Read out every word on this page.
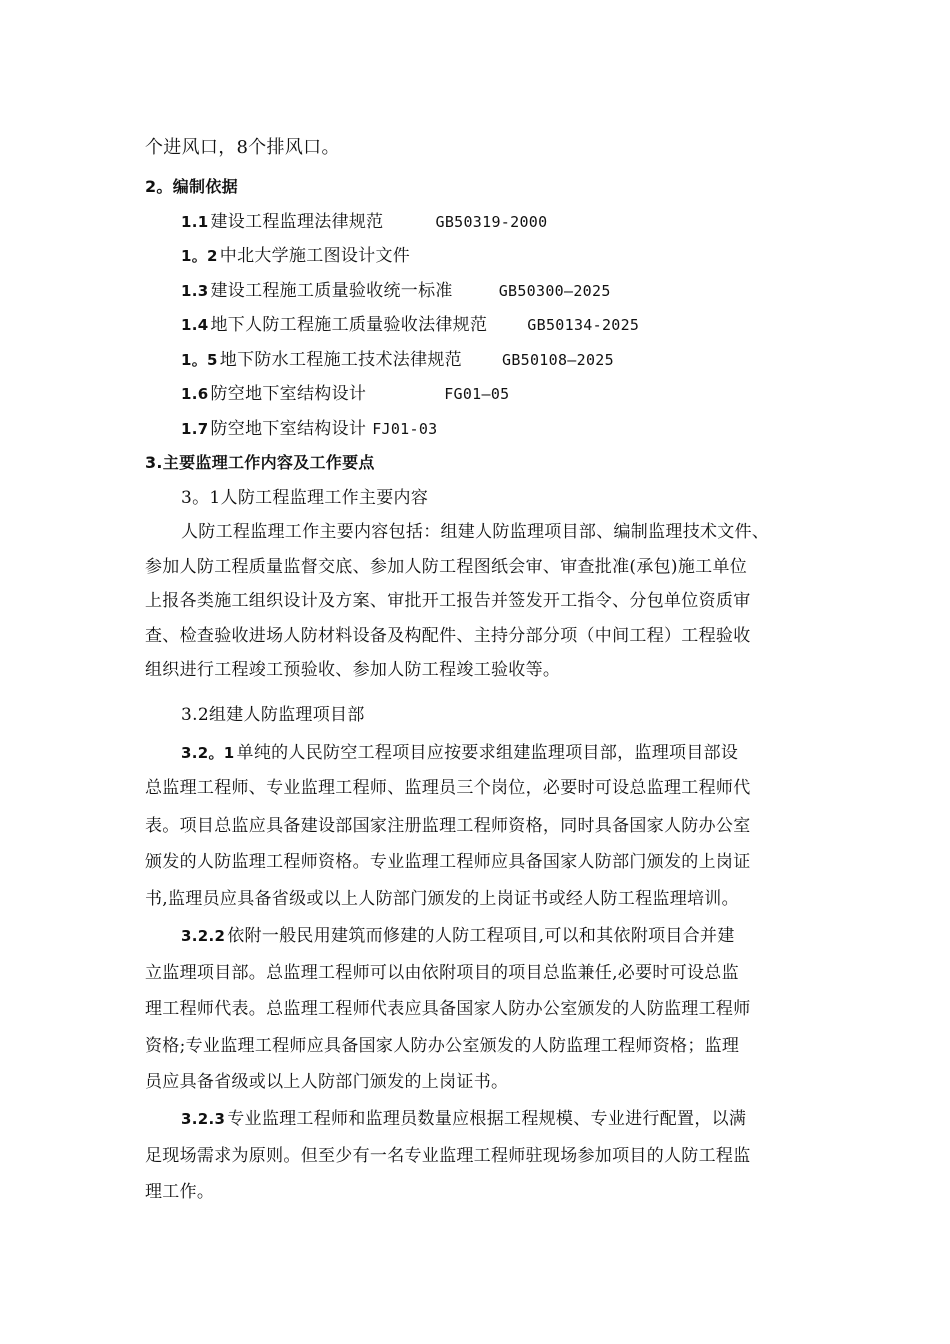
个进风口，8个排风口。
2。编制依据
1.1 建设工程监理法律规范	GB50319-2000
1。2 中北大学施工图设计文件
1.3 建设工程施工质量验收统一标准	GB50300—2025
1.4 地下人防工程施工质量验收法律规范	GB50134-2025
1。5 地下防水工程施工技术法律规范	GB50108—2025
1.6 防空地下室结构设计	FG01—05
1.7 防空地下室结构设计 FJ01-03
3.主要监理工作内容及工作要点
3。1人防工程监理工作主要内容
人防工程监理工作主要内容包括：组建人防监理项目部、编制监理技术文件、
参加人防工程质量监督交底、参加人防工程图纸会审、审查批准(承包)施工单位
上报各类施工组织设计及方案、审批开工报告并签发开工指令、分包单位资质审
查、检查验收进场人防材料设备及构配件、主持分部分项（中间工程）工程验收
组织进行工程竣工预验收、参加人防工程竣工验收等。
3.2组建人防监理项目部
3.2。1 单纯的人民防空工程项目应按要求组建监理项目部，监理项目部设
总监理工程师、专业监理工程师、监理员三个岗位，必要时可设总监理工程师代
表。项目总监应具备建设部国家注册监理工程师资格，同时具备国家人防办公室
颁发的人防监理工程师资格。专业监理工程师应具备国家人防部门颁发的上岗证
书,监理员应具备省级或以上人防部门颁发的上岗证书或经人防工程监理培训。
3.2.2 依附一般民用建筑而修建的人防工程项目,可以和其依附项目合并建
立监理项目部。总监理工程师可以由依附项目的项目总监兼任,必要时可设总监
理工程师代表。总监理工程师代表应具备国家人防办公室颁发的人防监理工程师
资格;专业监理工程师应具备国家人防办公室颁发的人防监理工程师资格；监理
员应具备省级或以上人防部门颁发的上岗证书。
3.2.3 专业监理工程师和监理员数量应根据工程规模、专业进行配置，以满
足现场需求为原则。但至少有一名专业监理工程师驻现场参加项目的人防工程监
理工作。
